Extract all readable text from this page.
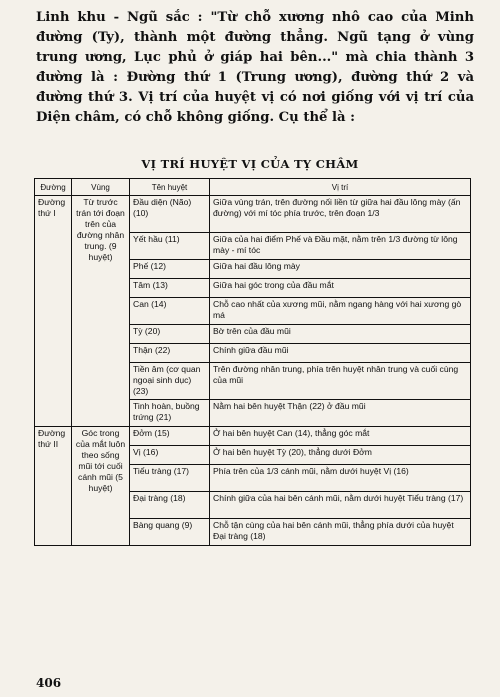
Linh khu - Ngũ sắc : "Từ chỗ xương nhô cao của Minh đường (Ty), thành một đường thẳng. Ngũ tạng ở vùng trung ương, Lục phủ ở giáp hai bên..." mà chia thành 3 đường là : Đường thứ 1 (Trung ương), đường thứ 2 và đường thứ 3. Vị trí của huyệt vị có nơi giống với vị trí của Diện châm, có chỗ không giống. Cụ thể là :

VỊ TRÍ HUYỆT VỊ CỦA TỴ CHÂM
Đường	Vùng	Tên huyệt	Vị trí
Đường thứ I	Từ trước trán tới đoạn trên của đường nhân trung. (9 huyệt)	Đầu diện (Não) (10)	Giữa vùng trán, trên đường nối liền từ giữa hai đầu lông mày (ấn đường) với mí tóc phía trước, trên đoạn 1/3
		Yết hầu (11)	Giữa của hai điểm Phế và Đầu mặt, nằm trên 1/3 đường từ lông mày - mí tóc
		Phế (12)	Giữa hai đầu lông mày
		Tâm (13)	Giữa hai góc trong của đầu mắt
		Can (14)	Chỗ cao nhất của xương mũi, nằm ngang hàng với hai xương gò má
		Tỳ (20)	Bờ trên của đầu mũi
		Thận (22)	Chính giữa đầu mũi
		Tiền âm (cơ quan ngoại sinh dục) (23)	Trên đường nhân trung, phía trên huyệt nhân trung và cuối cùng của mũi
		Tinh hoàn, buồng trứng (21)	Nằm hai bên huyệt Thận (22) ở đầu mũi
Đường thứ II	Góc trong của mắt luôn theo sống mũi tới cuối cánh mũi (5 huyệt)	Đởm (15)	Ở hai bên huyệt Can (14), thẳng góc mắt
		Vị (16)	Ở hai bên huyệt Tỳ (20), thẳng dưới Đởm
		Tiểu tràng (17)	Phía trên của 1/3 cánh mũi, nằm dưới huyệt Vị (16)
		Đại tràng (18)	Chính giữa của hai bên cánh mũi, nằm dưới huyệt Tiểu tràng (17)
		Bàng quang (9)	Chỗ tận cùng của hai bên cánh mũi, thẳng phía dưới của huyệt Đại tràng (18)
406
